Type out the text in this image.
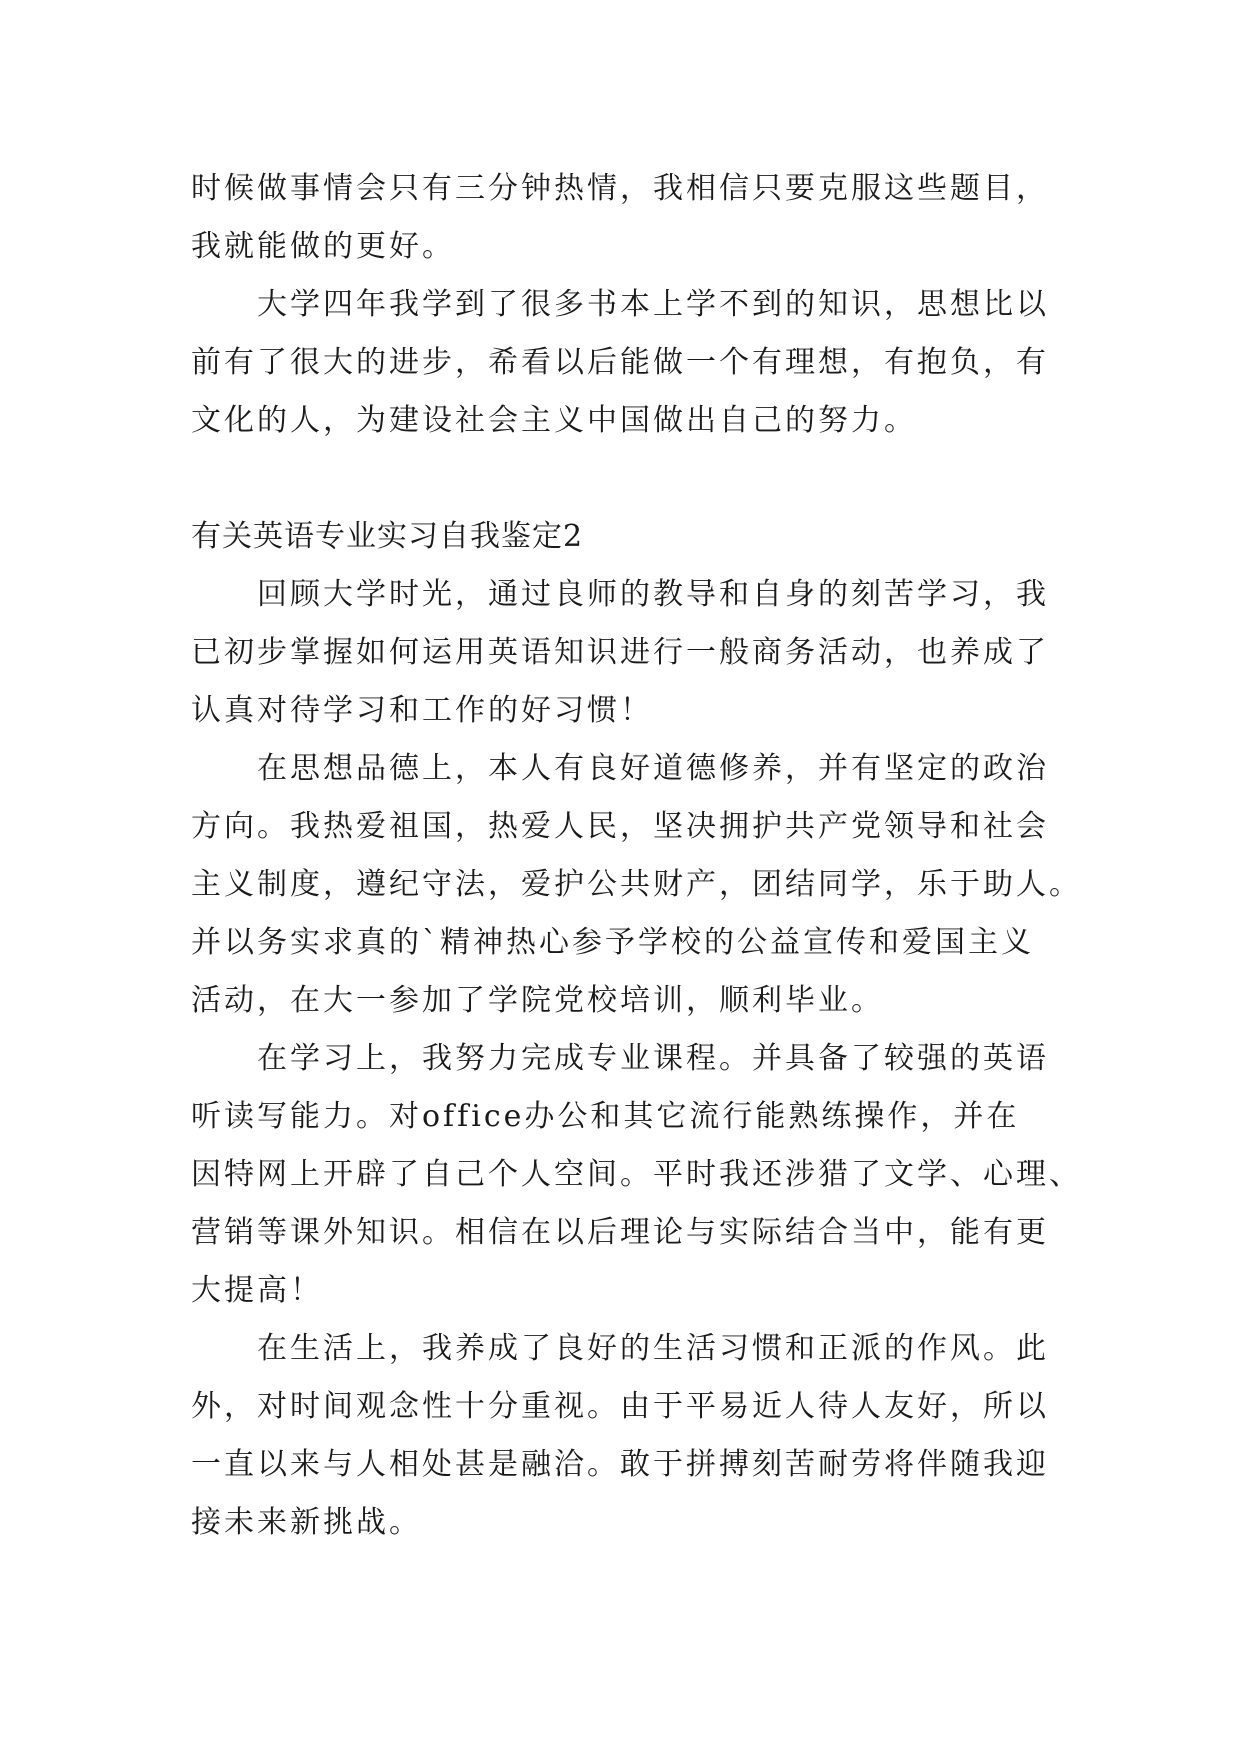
时候做事情会只有三分钟热情，我相信只要克服这些题目，
我就能做的更好。
大学四年我学到了很多书本上学不到的知识，思想比以
前有了很大的进步，希看以后能做一个有理想，有抱负，有
文化的人，为建设社会主义中国做出自己的努力。
有关英语专业实习自我鉴定2
回顾大学时光，通过良师的教导和自身的刻苦学习，我
已初步掌握如何运用英语知识进行一般商务活动，也养成了
认真对待学习和工作的好习惯！
在思想品德上，本人有良好道德修养，并有坚定的政治
方向。我热爱祖国，热爱人民，坚决拥护共产党领导和社会
主义制度，遵纪守法，爱护公共财产，团结同学，乐于助人。
并以务实求真的`精神热心参予学校的公益宣传和爱国主义
活动，在大一参加了学院党校培训，顺利毕业。
在学习上，我努力完成专业课程。并具备了较强的英语
听读写能力。对office办公和其它流行能熟练操作，并在
因特网上开辟了自己个人空间。平时我还涉猎了文学、心理、
营销等课外知识。相信在以后理论与实际结合当中，能有更
大提高！
在生活上，我养成了良好的生活习惯和正派的作风。此
外，对时间观念性十分重视。由于平易近人待人友好，所以
一直以来与人相处甚是融洽。敢于拼搏刻苦耐劳将伴随我迎
接未来新挑战。
